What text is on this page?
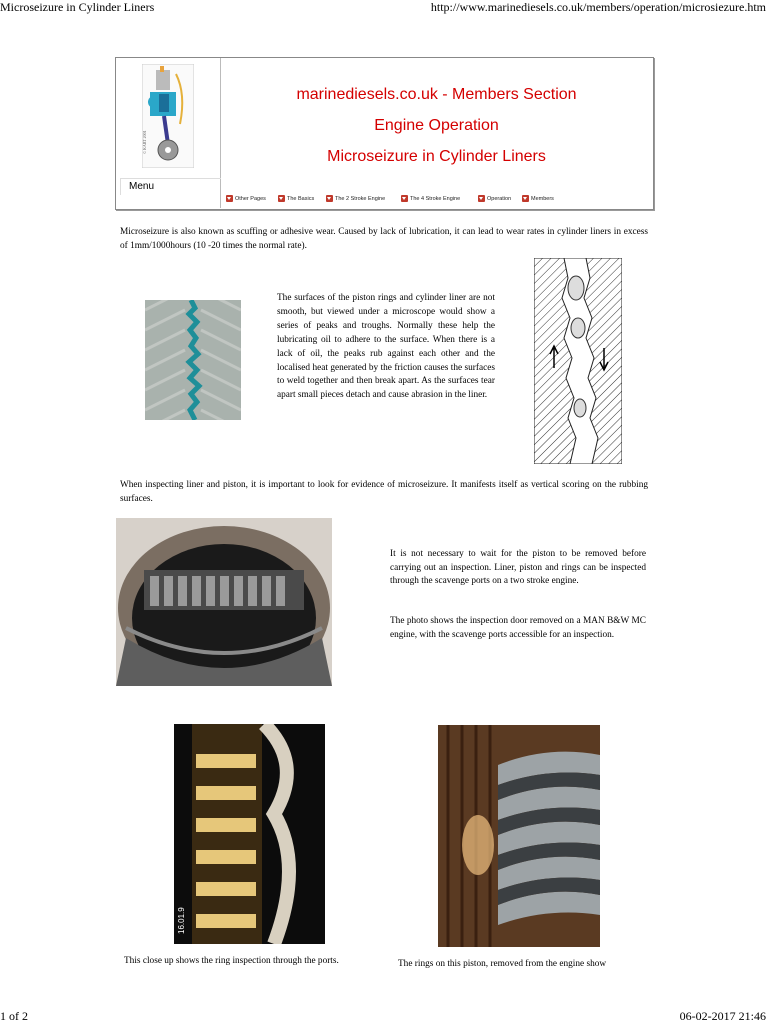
Microseizure in Cylinder Liners	http://www.marinediesels.co.uk/members/operation/microsiezure.htm
© KART 2001
Menu
marinediesels.co.uk - Members Section
Engine Operation
Microseizure in Cylinder Liners
Other Pages	The Basics	The 2 Stroke Engine	The 4 Stroke Engine	Operation	Members
Microseizure is also known as scuffing or adhesive wear. Caused by lack of lubrication, it can lead to wear rates in cylinder liners in excess of 1mm/1000hours (10 -20 times the normal rate).
The surfaces of the piston rings and cylinder liner are not smooth, but viewed under a microscope would show a series of peaks and troughs. Normally these help the lubricating oil to adhere to the surface. When there is a lack of oil, the peaks rub against each other and the localised heat generated by the friction causes the surfaces to weld together and then break apart. As the surfaces tear apart small pieces detach and cause abrasion in the liner.
When inspecting liner and piston, it is important to look for evidence of microseizure. It manifests itself as vertical scoring on the rubbing surfaces.
It is not necessary to wait for the piston to be removed before carrying out an inspection. Liner, piston and rings can be inspected through the scavenge ports on a two stroke engine.
The photo shows the inspection door removed on a MAN B&W MC engine, with the scavenge ports accessible for an inspection.
16.01.9
This close up shows the ring inspection through the ports.	The rings on this piston, removed from the engine show
1 of 2	06-02-2017 21:46
